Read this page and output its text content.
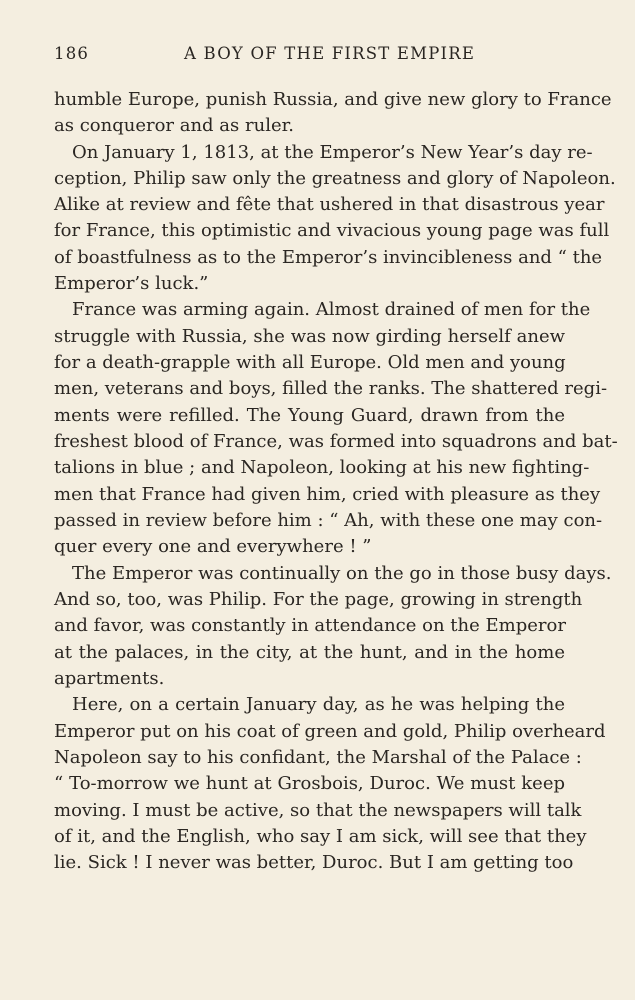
186	A BOY OF THE FIRST EMPIRE
humble Europe, punish Russia, and give new glory to France
as conqueror and as ruler.
On January 1, 1813, at the Emperor’s New Year’s day re-
ception, Philip saw only the greatness and glory of Napoleon.
Alike at review and fête that ushered in that disastrous year
for France, this optimistic and vivacious young page was full
of boastfulness as to the Emperor’s invincibleness and “ the
Emperor’s luck.”
France was arming again. Almost drained of men for the
struggle with Russia, she was now girding herself anew
for a death-grapple with all Europe. Old men and young
men, veterans and boys, filled the ranks. The shattered regi-
ments were refilled. The Young Guard, drawn from the
freshest blood of France, was formed into squadrons and bat-
talions in blue ; and Napoleon, looking at his new fighting-
men that France had given him, cried with pleasure as they
passed in review before him : “ Ah, with these one may con-
quer every one and everywhere ! ”
The Emperor was continually on the go in those busy days.
And so, too, was Philip. For the page, growing in strength
and favor, was constantly in attendance on the Emperor
at the palaces, in the city, at the hunt, and in the home
apartments.
Here, on a certain January day, as he was helping the
Emperor put on his coat of green and gold, Philip overheard
Napoleon say to his confidant, the Marshal of the Palace :
“ To-morrow we hunt at Grosbois, Duroc. We must keep
moving. I must be active, so that the newspapers will talk
of it, and the English, who say I am sick, will see that they
lie. Sick ! I never was better, Duroc. But I am getting too
